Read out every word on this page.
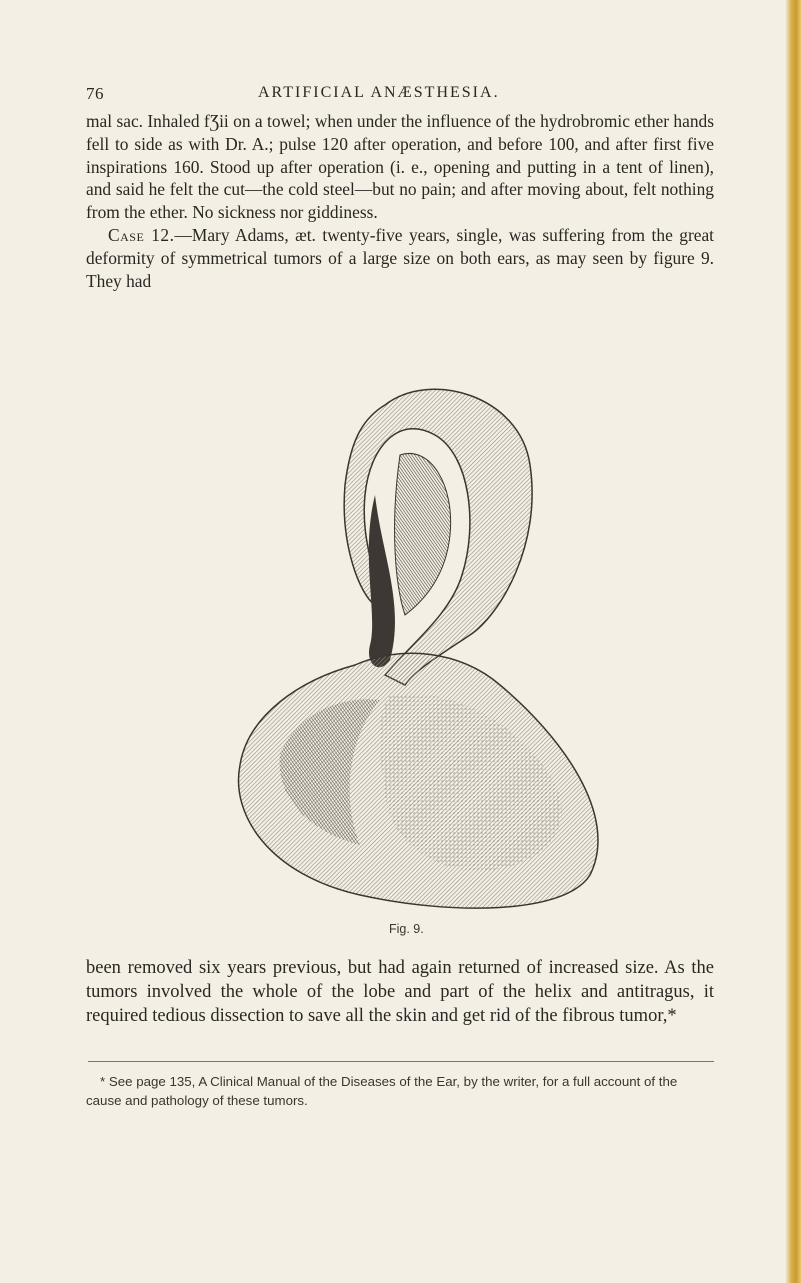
76	ARTIFICIAL ANÆSTHESIA.

mal sac. Inhaled fƷii on a towel; when under the influence of the hydrobromic ether hands fell to side as with Dr. A.; pulse 120 after operation, and before 100, and after first five inspirations 160. Stood up after operation (i. e., opening and putting in a tent of linen), and said he felt the cut—the cold steel—but no pain; and after moving about, felt nothing from the ether. No sickness nor giddiness.

Case 12.—Mary Adams, æt. twenty-five years, single, was suffering from the great deformity of symmetrical tumors of a large size on both ears, as may seen by figure 9. They had

Fig. 9.

been removed six years previous, but had again returned of increased size. As the tumors involved the whole of the lobe and part of the helix and antitragus, it required tedious dissection to save all the skin and get rid of the fibrous tumor,*

* See page 135, A Clinical Manual of the Diseases of the Ear, by the writer, for a full account of the cause and pathology of these tumors.
